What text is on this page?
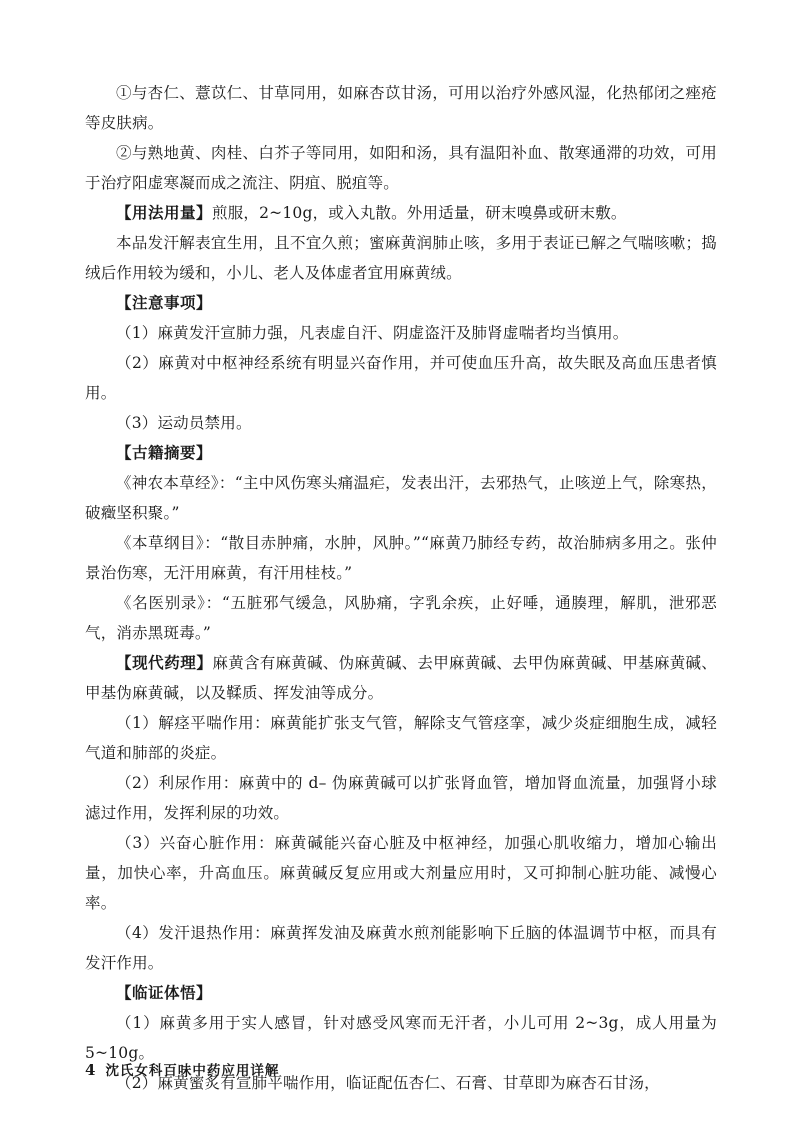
①与杏仁、薏苡仁、甘草同用，如麻杏苡甘汤，可用以治疗外感风湿，化热郁闭之痤疮等皮肤病。

②与熟地黄、肉桂、白芥子等同用，如阳和汤，具有温阳补血、散寒通滞的功效，可用于治疗阳虚寒凝而成之流注、阴疽、脱疽等。

【用法用量】煎服，2~10g，或入丸散。外用适量，研末嗅鼻或研末敷。

本品发汗解表宜生用，且不宜久煎；蜜麻黄润肺止咳，多用于表证已解之气喘咳嗽；捣绒后作用较为缓和，小儿、老人及体虚者宜用麻黄绒。

【注意事项】

（1）麻黄发汗宣肺力强，凡表虚自汗、阴虚盗汗及肺肾虚喘者均当慎用。

（2）麻黄对中枢神经系统有明显兴奋作用，并可使血压升高，故失眠及高血压患者慎用。

（3）运动员禁用。

【古籍摘要】

《神农本草经》：“主中风伤寒头痛温疟，发表出汗，去邪热气，止咳逆上气，除寒热，破癥坚积聚。”

《本草纲目》：“散目赤肿痛，水肿，风肿。”“麻黄乃肺经专药，故治肺病多用之。张仲景治伤寒，无汗用麻黄，有汗用桂枝。”

《名医别录》：“五脏邪气缓急，风胁痛，字乳余疾，止好唾，通腠理，解肌，泄邪恶气，消赤黑斑毒。”

【现代药理】麻黄含有麻黄碱、伪麻黄碱、去甲麻黄碱、去甲伪麻黄碱、甲基麻黄碱、甲基伪麻黄碱，以及鞣质、挥发油等成分。

（1）解痉平喘作用：麻黄能扩张支气管，解除支气管痉挛，减少炎症细胞生成，减轻气道和肺部的炎症。

（2）利尿作用：麻黄中的 d– 伪麻黄碱可以扩张肾血管，增加肾血流量，加强肾小球滤过作用，发挥利尿的功效。

（3）兴奋心脏作用：麻黄碱能兴奋心脏及中枢神经，加强心肌收缩力，增加心输出量，加快心率，升高血压。麻黄碱反复应用或大剂量应用时，又可抑制心脏功能、减慢心率。

（4）发汗退热作用：麻黄挥发油及麻黄水煎剂能影响下丘脑的体温调节中枢，而具有发汗作用。

【临证体悟】

（1）麻黄多用于实人感冒，针对感受风寒而无汗者，小儿可用 2~3g，成人用量为 5~10g。

（2）麻黄蜜炙有宣肺平喘作用，临证配伍杏仁、石膏、甘草即为麻杏石甘汤，

4 沈氏女科百味中药应用详解
